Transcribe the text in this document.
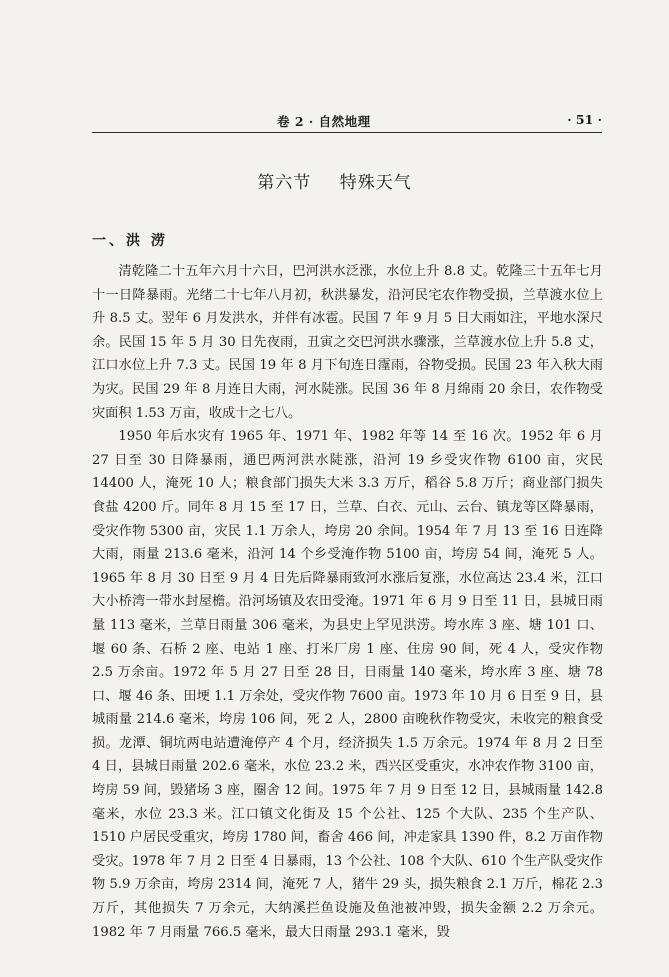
卷 2 · 自然地理	· 51 ·
第六节 特殊天气
一、洪 涝

清乾隆二十五年六月十六日，巴河洪水泛涨，水位上升 8.8 丈。乾隆三十五年七月十一日降暴雨。光绪二十七年八月初，秋洪暴发，沿河民宅农作物受损，兰草渡水位上升 8.5 丈。翌年 6 月发洪水，并伴有冰雹。民国 7 年 9 月 5 日大雨如注，平地水深尺余。民国 15 年 5 月 30 日先夜雨，丑寅之交巴河洪水骤涨，兰草渡水位上升 5.8 丈，江口水位上升 7.3 丈。民国 19 年 8 月下旬连日霪雨，谷物受损。民国 23 年入秋大雨为灾。民国 29 年 8 月连日大雨，河水陡涨。民国 36 年 8 月绵雨 20 余日，农作物受灾面积 1.53 万亩，收成十之七八。

1950 年后水灾有 1965 年、1971 年、1982 年等 14 至 16 次。1952 年 6 月 27 日至 30 日降暴雨，通巴两河洪水陡涨，沿河 19 乡受灾作物 6100 亩，灾民 14400 人，淹死 10 人；粮食部门损失大米 3.3 万斤，稻谷 5.8 万斤；商业部门损失食盐 4200 斤。同年 8 月 15 至 17 日，兰草、白衣、元山、云台、镇龙等区降暴雨，受灾作物 5300 亩，灾民 1.1 万余人，垮房 20 余间。1954 年 7 月 13 至 16 日连降大雨，雨量 213.6 毫米，沿河 14 个乡受淹作物 5100 亩，垮房 54 间，淹死 5 人。1965 年 8 月 30 日至 9 月 4 日先后降暴雨致河水涨后复涨，水位高达 23.4 米，江口大小桥湾一带水封屋檐。沿河场镇及农田受淹。1971 年 6 月 9 日至 11 日，县城日雨量 113 毫米，兰草日雨量 306 毫米，为县史上罕见洪涝。垮水库 3 座、塘 101 口、堰 60 条、石桥 2 座、电站 1 座、打米厂房 1 座、住房 90 间，死 4 人，受灾作物 2.5 万余亩。1972 年 5 月 27 日至 28 日，日雨量 140 毫米，垮水库 3 座、塘 78 口、堰 46 条、田埂 1.1 万余处，受灾作物 7600 亩。1973 年 10 月 6 日至 9 日，县城雨量 214.6 毫米，垮房 106 间，死 2 人，2800 亩晚秋作物受灾，未收完的粮食受损。龙潭、铜坑两电站遭淹停产 4 个月，经济损失 1.5 万余元。1974 年 8 月 2 日至 4 日，县城日雨量 202.6 毫米，水位 23.2 米，西兴区受重灾，水冲农作物 3100 亩，垮房 59 间，毁猪场 3 座，圈舍 12 间。1975 年 7 月 9 日至 12 日，县城雨量 142.8 毫米，水位 23.3 米。江口镇文化街及 15 个公社、125 个大队、235 个生产队、1510 户居民受重灾，垮房 1780 间，畜舍 466 间，冲走家具 1390 件，8.2 万亩作物受灾。1978 年 7 月 2 日至 4 日暴雨，13 个公社、108 个大队、610 个生产队受灾作物 5.9 万余亩，垮房 2314 间，淹死 7 人，猪牛 29 头，损失粮食 2.1 万斤，棉花 2.3 万斤，其他损失 7 万余元，大纳溪拦鱼设施及鱼池被冲毁，损失金额 2.2 万余元。1982 年 7 月雨量 766.5 毫米，最大日雨量 293.1 毫米，毁
